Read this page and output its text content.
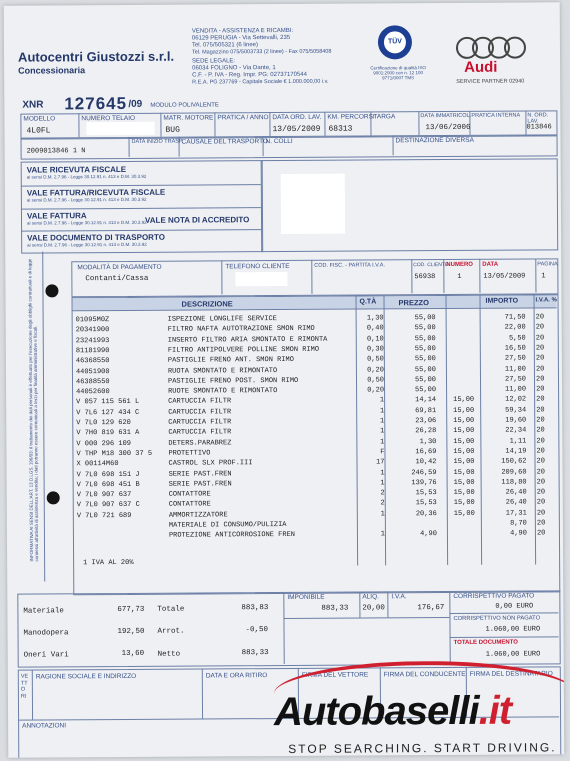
Autocentri Giustozzi s.r.l.
Concessionaria
VENDITA - ASSISTENZA E RICAMBI:
06129 PERUGIA - Via Settevalli, 235
Tel. 075/505321 (6 linee)
Tel. Magazzino 075/5003733 (2 linee) - Fax 075/5058408
SEDE LEGALE:
06034 FOLIGNO - Via Dante, 1
C.F. - P. IVA - Reg. Impr. PG: 02737170544
R.E.A. PG 237769 - Capitale Sociale € 1.000.000,00 i.v.
TÜV
Certificazione di qualità ISO 9001:2000 con n. 12 100 9771/0007 TMS
Audi
SERVICE PARTNER 02940
XNR 127645 /09 MODULO POLIVALENTE
MODELLO
4L0FL
NUMERO TELAIO	MATR. MOTORE
BUG
PRATICA / ANNO DATA ORD. LAV.
13/05/2009
KM. PERCORSI
68313
TARGA	DATA IMMATRICOL.
13/06/2006
PRATICA INTERNA N. ORD. LAV.
013846
2009013846 1 N
DATA INIZIO TRASP.
CAUSALE DEL TRASPORTO
N. COLLI	DESTINAZIONE DIVERSA
VALE RICEVUTA FISCALE
ai sensi D.M. 2.7.96 - Legge 30.12.91 n. 413 e D.M. 30.3.92
VALE FATTURA/RICEVUTA FISCALE
ai sensi D.M. 2.7.96 - Legge 30.12.91 n. 413 e D.M. 30.3.92
VALE FATTURA
ai sensi D.M. 2.7.96 - Legge 30.12.91 n. 413 e D.M. 30.3.92
VALE NOTA DI ACCREDITO
VALE DOCUMENTO DI TRASPORTO
ai sensi D.M. 2.7.96 - Legge 30.12.91 n. 413 e D.M. 30.3.92
INFORMATIVA AI SENSI DELL'ART. 13 D.LGS. 196/03: il trattamento dei dati personali è effettuato per l'esecuzione degli obblighi contrattuali e di legge connessi all'attività di assistenza e vendita; i dati potranno essere comunicati a terzi per finalità amministrative e fiscali.
MODALITÀ DI PAGAMENTO
Contanti/Cassa
TELEFONO CLIENTE	COD. FISC. - PARTITA I.V.A.	COD. CLIENTE
56938
NUMERO
1
DATA
13/05/2009
PAGINA
1
DESCRIZIONE	Q.TÀ	PREZZO	IMPORTO	I.V.A. %
01095M0Z	ISPEZIONE LONGLIFE SERVICE	1,30	55,00	71,50 20
20341900	FILTRO NAFTA AUTOTRAZIONE SMON RIMO	0,40	55,00	22,00 20
23241993	INSERTO FILTRO ARIA SMONTATO E RIMONTA	0,10	55,00	5,50 20
81181990	FILTRO ANTIPOLVERE POLLINE SMON RIMO	0,30	55,00	16,50 20
46368550	PASTIGLIE FRENO ANT. SMON RIMO	0,50	55,00	27,50 20
44051900	RUOTA SMONTATO E RIMONTATO	0,20	55,00	11,00 20
46388550	PASTIGLIE FRENO POST. SMON RIMO	0,50	55,00	27,50 20
44052600	RUOTE SMONTATO E RIMONTATO	0,20	55,00	11,00 20
V 057 115 561 L	CARTUCCIA FILTR	1	14,14	15,00	12,02 20
V 7L6 127 434 C	CARTUCCIA FILTR	1	69,81	15,00	59,34 20
V 7L0 129 620	CARTUCCIA FILTR	1	23,06	15,00	19,60 20
V 7H0 819 631 A	CARTUCCIA FILTR	1	26,28	15,00	22,34 20
V 000 296 109	DETERS.PARABREZ	1	1,30	15,00	1,11 20
V THP M18 300 37 5	PROTETTIVO	F	16,69	15,00	14,19 20
X 00114M60	CASTROL SLX PROF.III	17	10,42	15,00	150,62 20
V 7L0 698 151 J	SERIE PAST.FREN	1	246,59	15,00	209,60 20
V 7L0 698 451 B	SERIE PAST.FREN	1	139,76	15,00	118,80 20
V 7L0 907 637	CONTATTORE	2	15,53	15,00	26,40 20
V 7L0 907 637 C	CONTATTORE	2	15,53	15,00	26,40 20
V 7L0 721 689	AMMORTIZZATORE	1	20,36	15,00	17,31 20
MATERIALE DI CONSUMO/PULIZIA	8,70 20
PROTEZIONE ANTICORROSIONE FREN	1	4,90	4,90 20
1 IVA AL 20%
Materiale	677,73
Manodopera	192,50
Oneri Vari	13,60
Totale	883,83
Arrot.	-0,50
Netto	883,33
IMPONIBILE
883,33
ALIQ.
20,00
I.V.A.
176,67
CORRISPETTIVO PAGATO
0,00 EURO
CORRISPETTIVO NON PAGATO
1.060,00 EURO
TOTALE DOCUMENTO
1.060,00 EURO
VETTORI
RAGIONE SOCIALE E INDIRIZZO	DATA E ORA RITIRO	FIRMA DEL VETTORE FIRMA DEL CONDUCENTE FIRMA DEL DESTINATARIO
ANNOTAZIONI	Autobaselli.it
STOP SEARCHING. START DRIVING.
